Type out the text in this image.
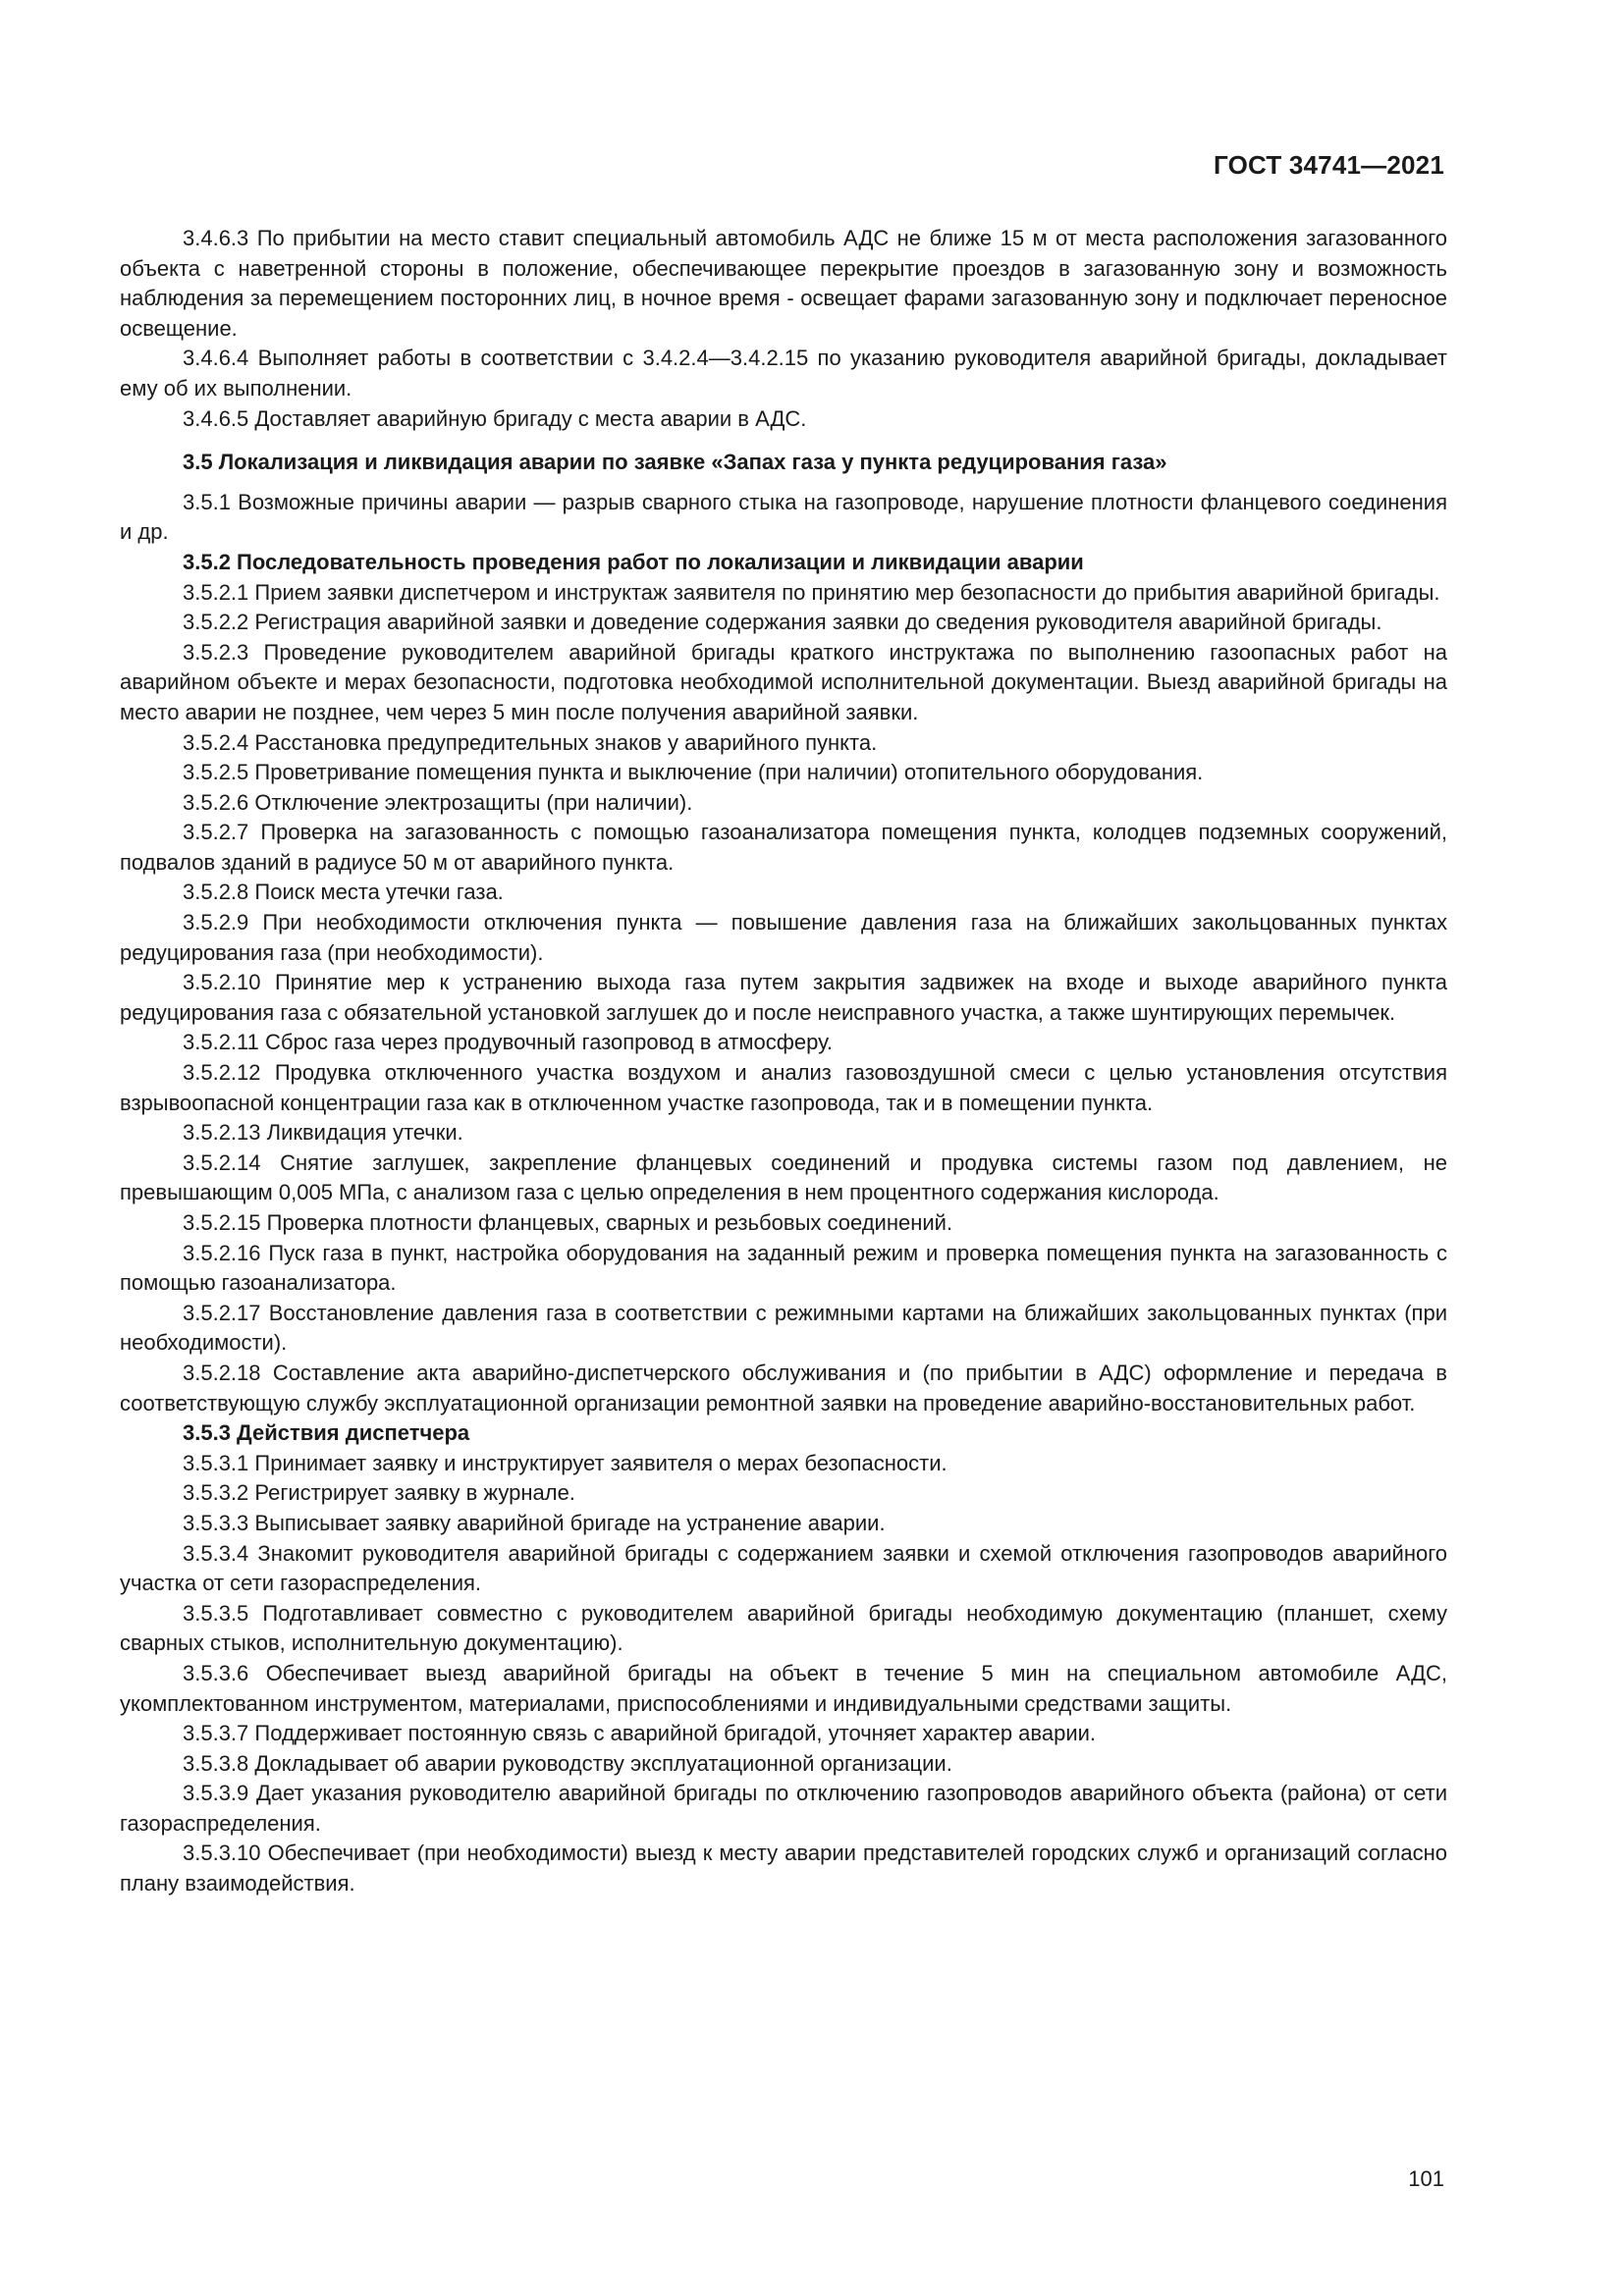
ГОСТ 34741—2021

3.4.6.3 По прибытии на место ставит специальный автомобиль АДС не ближе 15 м от места расположения загазованного объекта с наветренной стороны в положение, обеспечивающее перекрытие проездов в загазованную зону и возможность наблюдения за перемещением посторонних лиц, в ночное время - освещает фарами загазованную зону и подключает переносное освещение.

3.4.6.4 Выполняет работы в соответствии с 3.4.2.4—3.4.2.15 по указанию руководителя аварийной бригады, докладывает ему об их выполнении.

3.4.6.5 Доставляет аварийную бригаду с места аварии в АДС.

3.5 Локализация и ликвидация аварии по заявке «Запах газа у пункта редуцирования газа»

3.5.1 Возможные причины аварии — разрыв сварного стыка на газопроводе, нарушение плотности фланцевого соединения и др.

3.5.2 Последовательность проведения работ по локализации и ликвидации аварии

3.5.2.1 Прием заявки диспетчером и инструктаж заявителя по принятию мер безопасности до прибытия аварийной бригады.

3.5.2.2 Регистрация аварийной заявки и доведение содержания заявки до сведения руководителя аварийной бригады.

3.5.2.3 Проведение руководителем аварийной бригады краткого инструктажа по выполнению газоопасных работ на аварийном объекте и мерах безопасности, подготовка необходимой исполнительной документации. Выезд аварийной бригады на место аварии не позднее, чем через 5 мин после получения аварийной заявки.

3.5.2.4 Расстановка предупредительных знаков у аварийного пункта.

3.5.2.5 Проветривание помещения пункта и выключение (при наличии) отопительного оборудования.

3.5.2.6 Отключение электрозащиты (при наличии).

3.5.2.7 Проверка на загазованность с помощью газоанализатора помещения пункта, колодцев подземных сооружений, подвалов зданий в радиусе 50 м от аварийного пункта.

3.5.2.8 Поиск места утечки газа.

3.5.2.9 При необходимости отключения пункта — повышение давления газа на ближайших закольцованных пунктах редуцирования газа (при необходимости).

3.5.2.10 Принятие мер к устранению выхода газа путем закрытия задвижек на входе и выходе аварийного пункта редуцирования газа с обязательной установкой заглушек до и после неисправного участка, а также шунтирующих перемычек.

3.5.2.11 Сброс газа через продувочный газопровод в атмосферу.

3.5.2.12 Продувка отключенного участка воздухом и анализ газовоздушной смеси с целью установления отсутствия взрывоопасной концентрации газа как в отключенном участке газопровода, так и в помещении пункта.

3.5.2.13 Ликвидация утечки.

3.5.2.14 Снятие заглушек, закрепление фланцевых соединений и продувка системы газом под давлением, не превышающим 0,005 МПа, с анализом газа с целью определения в нем процентного содержания кислорода.

3.5.2.15 Проверка плотности фланцевых, сварных и резьбовых соединений.

3.5.2.16 Пуск газа в пункт, настройка оборудования на заданный режим и проверка помещения пункта на загазованность с помощью газоанализатора.

3.5.2.17 Восстановление давления газа в соответствии с режимными картами на ближайших закольцованных пунктах (при необходимости).

3.5.2.18 Составление акта аварийно-диспетчерского обслуживания и (по прибытии в АДС) оформление и передача в соответствующую службу эксплуатационной организации ремонтной заявки на проведение аварийно-восстановительных работ.

3.5.3 Действия диспетчера

3.5.3.1 Принимает заявку и инструктирует заявителя о мерах безопасности.

3.5.3.2 Регистрирует заявку в журнале.

3.5.3.3 Выписывает заявку аварийной бригаде на устранение аварии.

3.5.3.4 Знакомит руководителя аварийной бригады с содержанием заявки и схемой отключения газопроводов аварийного участка от сети газораспределения.

3.5.3.5 Подготавливает совместно с руководителем аварийной бригады необходимую документацию (планшет, схему сварных стыков, исполнительную документацию).

3.5.3.6 Обеспечивает выезд аварийной бригады на объект в течение 5 мин на специальном автомобиле АДС, укомплектованном инструментом, материалами, приспособлениями и индивидуальными средствами защиты.

3.5.3.7 Поддерживает постоянную связь с аварийной бригадой, уточняет характер аварии.

3.5.3.8 Докладывает об аварии руководству эксплуатационной организации.

3.5.3.9 Дает указания руководителю аварийной бригады по отключению газопроводов аварийного объекта (района) от сети газораспределения.

3.5.3.10 Обеспечивает (при необходимости) выезд к месту аварии представителей городских служб и организаций согласно плану взаимодействия.

101
